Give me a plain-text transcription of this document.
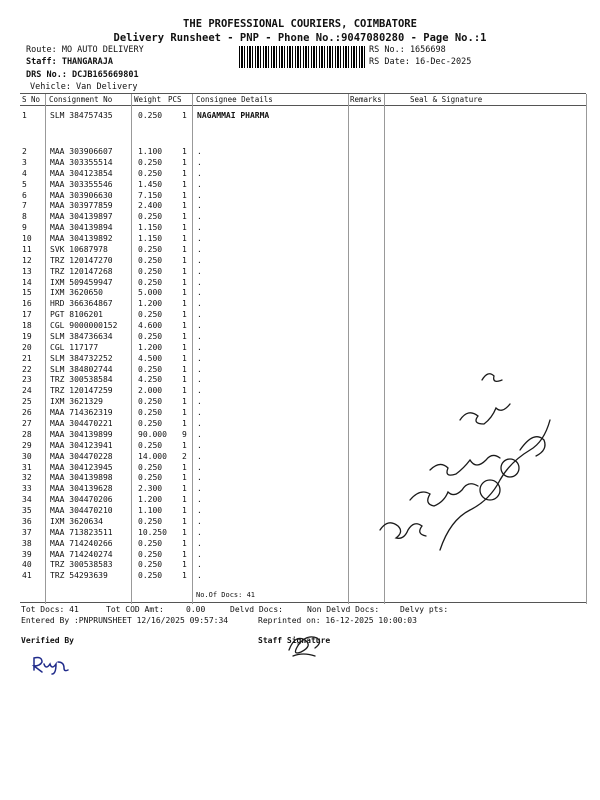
THE PROFESSIONAL COURIERS, COIMBATORE
Delivery Runsheet - PNP - Phone No.:9047080280 - Page No.:1
Route: MO AUTO DELIVERY
Staff: THANGARAJA
DRS No.: DCJB165669801
Vehicle: Van Delivery
RS No.: 1656698
RS Date: 16-Dec-2025
S No Consignment No	Weight PCS Consignee Details	Remarks	Seal & Signature
1	SLM 384757435	0.250 1 NAGAMMAI PHARMA
2	MAA 303906607	1.100 1 .
3	MAA 303355514	0.250 1 .
4	MAA 304123854	0.250 1 .
5	MAA 303355546	1.450 1 .
6	MAA 303906630	7.150 1 .
7	MAA 303977859	2.400 1 .
8	MAA 304139897	0.250 1 .
9	MAA 304139894	1.150 1 .
10 MAA 304139892	1.150 1 .
11 SVK 10687978	0.250 1 .
12 TRZ 120147270	0.250 1 .
13 TRZ 120147268	0.250 1 .
14 IXM 509459947	0.250 1 .
15 IXM 3620650	5.000 1 .
16 HRD 366364867	1.200 1 .
17 PGT 8106201	0.250 1 .
18 CGL 9000000152	4.600 1 .
19 SLM 384736634	0.250 1 .
20 CGL 117177	1.200 1 .
21 SLM 384732252	4.500 1 .
22 SLM 384802744	0.250 1 .
23 TRZ 300538584	4.250 1 .
24 TRZ 120147259	2.000 1 .
25 IXM 3621329	0.250 1 .
26 MAA 714362319	0.250 1 .
27 MAA 304470221	0.250 1 .
28 MAA 304139899	90.000 9 .
29 MAA 304123941	0.250 1 .
30 MAA 304470228	14.000 2 .
31 MAA 304123945	0.250 1 .
32 MAA 304139898	0.250 1 .
33 MAA 304139628	2.300 1 .
34 MAA 304470206	1.200 1 .
35 MAA 304470210	1.100 1 .
36 IXM 3620634	0.250 1 .
37 MAA 713823511	10.250 1 .
38 MAA 714240266	0.250 1 .
39 MAA 714240274	0.250 1 .
40 TRZ 300538583	0.250 1 .
41 TRZ 54293639	0.250 1 .
No.Of Docs: 41
Tot Docs: 41	Tot COD Amt:	0.00	Delvd Docs:	Non Delvd Docs:	Delvy pts:
Entered By :PNPRUNSHEET 12/16/2025 09:57:34	Reprinted on: 16-12-2025 10:00:03
Verified By	Staff Signature
